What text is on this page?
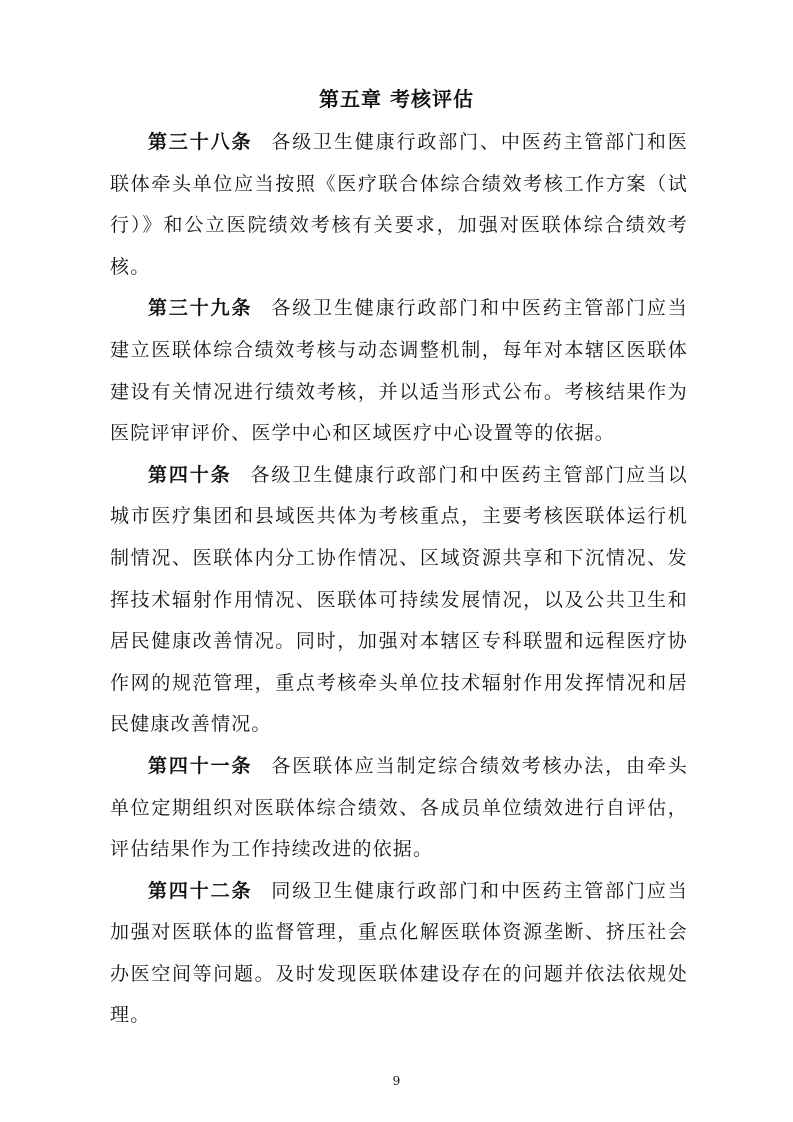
第五章 考核评估

第三十八条 各级卫生健康行政部门、中医药主管部门和医联体牵头单位应当按照《医疗联合体综合绩效考核工作方案（试行）》和公立医院绩效考核有关要求，加强对医联体综合绩效考核。

第三十九条 各级卫生健康行政部门和中医药主管部门应当建立医联体综合绩效考核与动态调整机制，每年对本辖区医联体建设有关情况进行绩效考核，并以适当形式公布。考核结果作为医院评审评价、医学中心和区域医疗中心设置等的依据。

第四十条 各级卫生健康行政部门和中医药主管部门应当以城市医疗集团和县域医共体为考核重点，主要考核医联体运行机制情况、医联体内分工协作情况、区域资源共享和下沉情况、发挥技术辐射作用情况、医联体可持续发展情况，以及公共卫生和居民健康改善情况。同时，加强对本辖区专科联盟和远程医疗协作网的规范管理，重点考核牵头单位技术辐射作用发挥情况和居民健康改善情况。

第四十一条 各医联体应当制定综合绩效考核办法，由牵头单位定期组织对医联体综合绩效、各成员单位绩效进行自评估，评估结果作为工作持续改进的依据。

第四十二条 同级卫生健康行政部门和中医药主管部门应当加强对医联体的监督管理，重点化解医联体资源垄断、挤压社会办医空间等问题。及时发现医联体建设存在的问题并依法依规处理。

9
